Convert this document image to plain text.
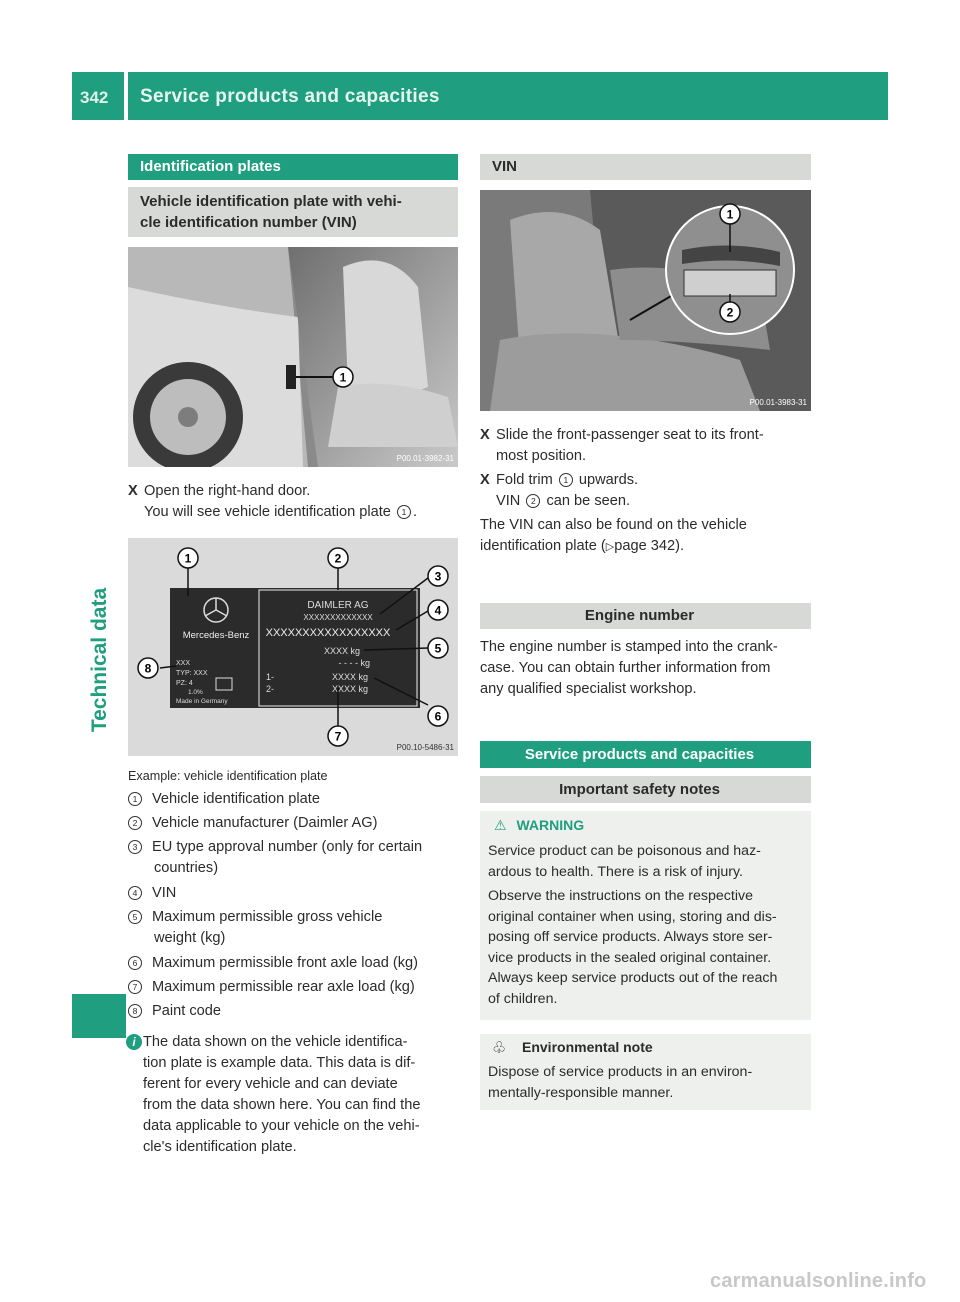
342 Service products and capacities
Technical data
Identification plates
Vehicle identification plate with vehi-
cle identification number (VIN)
1
P00.01-3982-31
X Open the right-hand door.
You will see vehicle identification plate 1 .
Mercedes-Benz
DAIMLER AG
XXXXXXXXXXXXX
XXXXXXXXXXXXXXXXX
XXXX kg
- - - - kg
1-	XXXX kg
2-	XXXX kg
XXX
TYP: XXX
PZ: 4
1.0%
Made in Germany
1	2
3
4
5
6
7
8
P00.10-5486-31
Example: vehicle identification plate
1 Vehicle identification plate
2 Vehicle manufacturer (Daimler AG)
3 EU type approval number (only for certain
countries)
4 VIN
5 Maximum permissible gross vehicle
weight (kg)
6 Maximum permissible front axle load (kg)
7 Maximum permissible rear axle load (kg)
8 Paint code
i The data shown on the vehicle identifica-
tion plate is example data. This data is dif-
ferent for every vehicle and can deviate
from the data shown here. You can find the
data applicable to your vehicle on the vehi-
cle's identification plate.
VIN
1
2
P00.01-3983-31
X Slide the front-passenger seat to its front-
most position.
X Fold trim 1 upwards.
VIN 2 can be seen.
The VIN can also be found on the vehicle
identification plate (▷page 342).
Engine number
The engine number is stamped into the crank-
case. You can obtain further information from
any qualified specialist workshop.
Service products and capacities
Important safety notes
⚠ WARNING
Service product can be poisonous and haz-
ardous to health. There is a risk of injury.
Observe the instructions on the respective
original container when using, storing and dis-
posing off service products. Always store ser-
vice products in the sealed original container.
Always keep service products out of the reach
of children.
♧ Environmental note
Dispose of service products in an environ-
mentally-responsible manner.
carmanualsonline.info
